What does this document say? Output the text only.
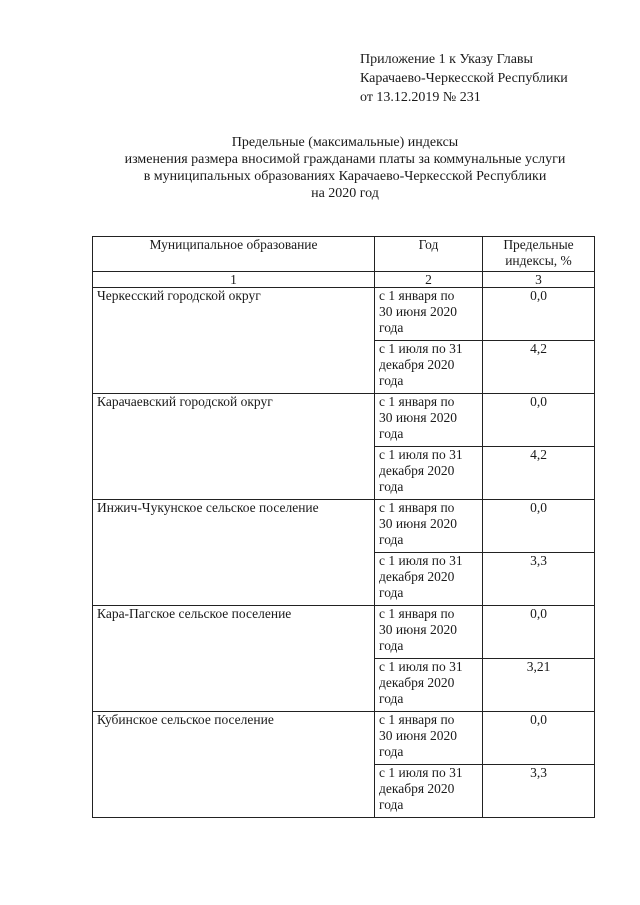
Приложение 1 к Указу Главы
Карачаево-Черкесской Республики
от 13.12.2019 № 231
Предельные (максимальные) индексы
изменения размера вносимой гражданами платы за коммунальные услуги
в муниципальных образованиях Карачаево-Черкесской Республики
на 2020 год
Муниципальное образование	Год	Предельные
индексы, %

1	2	3
Черкесский городской округ	с 1 января по
30 июня 2020
года	0,0

	с 1 июля по 31
декабря 2020
года	4,2
Карачаевский городской округ	с 1 января по
30 июня 2020
года	0,0

	с 1 июля по 31
декабря 2020
года	4,2
Инжич-Чукунское сельское поселение	с 1 января по
30 июня 2020
года	0,0

	с 1 июля по 31
декабря 2020
года	3,3
Кара-Пагское сельское поселение	с 1 января по
30 июня 2020
года	0,0

	с 1 июля по 31
декабря 2020
года	3,21
Кубинское сельское поселение	с 1 января по
30 июня 2020
года	0,0

	с 1 июля по 31
декабря 2020
года	3,3
